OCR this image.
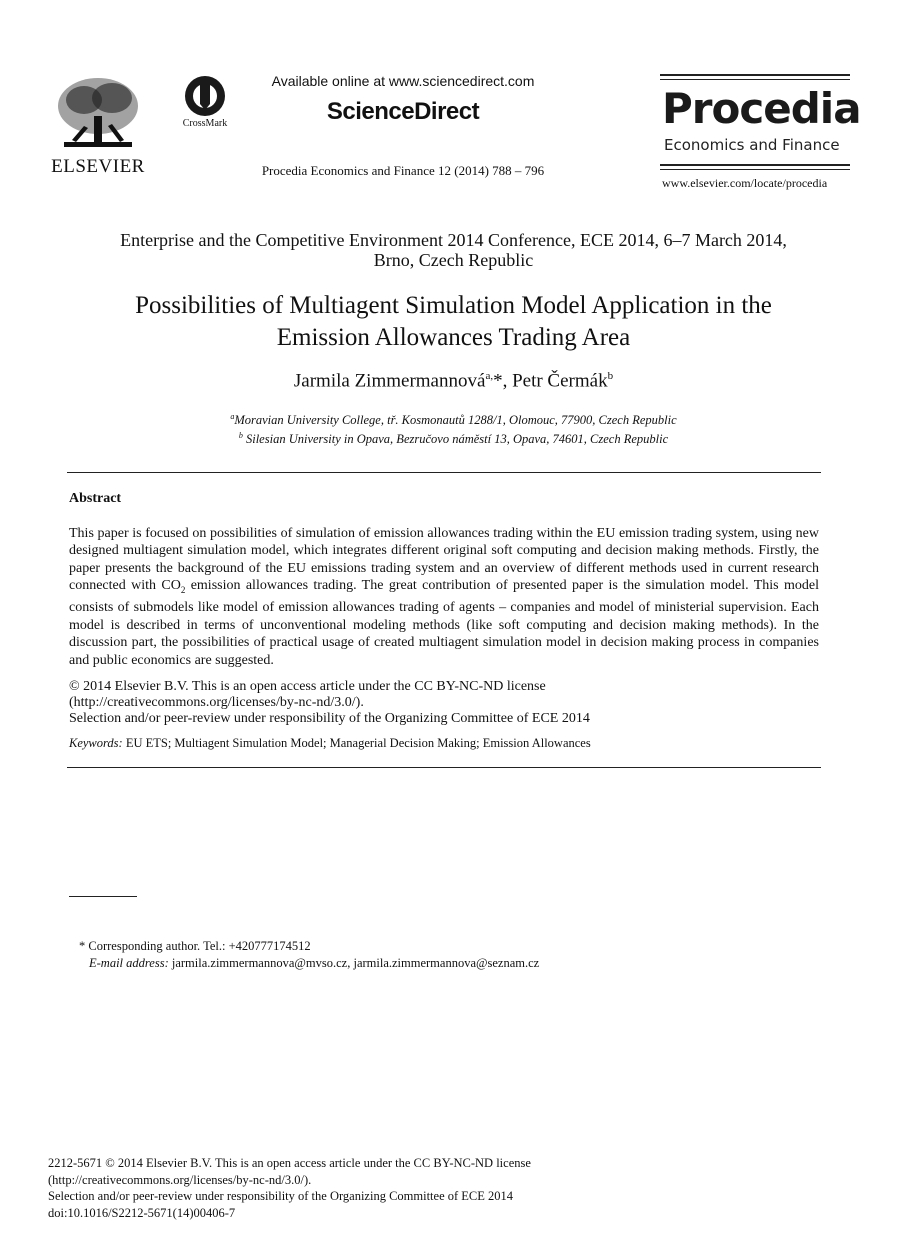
ELSEVIER
CrossMark
Available online at www.sciencedirect.com
ScienceDirect
Procedia Economics and Finance 12 (2014) 788 – 796
Procedia
Economics and Finance
www.elsevier.com/locate/procedia
Enterprise and the Competitive Environment 2014 Conference, ECE 2014, 6–7 March 2014,
Brno, Czech Republic
Possibilities of Multiagent Simulation Model Application in the
Emission Allowances Trading Area
Jarmila Zimmermannová$^{a,}$*, Petr Čermák$^b$
$^a$Moravian University College, tř. Kosmonautů 1288/1, Olomouc, 77900, Czech Republic
$^b$ Silesian University in Opava, Bezručovo náměstí 13, Opava, 74601, Czech Republic
Abstract
This paper is focused on possibilities of simulation of emission allowances trading within the EU emission trading system, using new designed multiagent simulation model, which integrates different original soft computing and decision making methods. Firstly, the paper presents the background of the EU emissions trading system and an overview of different methods used in current research connected with $CO_2$ emission allowances trading. The great contribution of presented paper is the simulation model. This model consists of submodels like model of emission allowances trading of agents – companies and model of ministerial supervision. Each model is described in terms of unconventional modeling methods (like soft computing and decision making methods). In the discussion part, the possibilities of practical usage of created multiagent simulation model in decision making process in companies and public economics are suggested.
© 2014 Elsevier B.V. This is an open access article under the CC BY-NC-ND license
(http://creativecommons.org/licenses/by-nc-nd/3.0/).
Selection and/or peer-review under responsibility of the Organizing Committee of ECE 2014
Keywords: EU ETS; Multiagent Simulation Model; Managerial Decision Making; Emission Allowances
* Corresponding author. Tel.: +420777174512
E-mail address: jarmila.zimmermannova@mvso.cz, jarmila.zimmermannova@seznam.cz
2212-5671 © 2014 Elsevier B.V. This is an open access article under the CC BY-NC-ND license
(http://creativecommons.org/licenses/by-nc-nd/3.0/).
Selection and/or peer-review under responsibility of the Organizing Committee of ECE 2014
doi:10.1016/S2212-5671(14)00406-7
